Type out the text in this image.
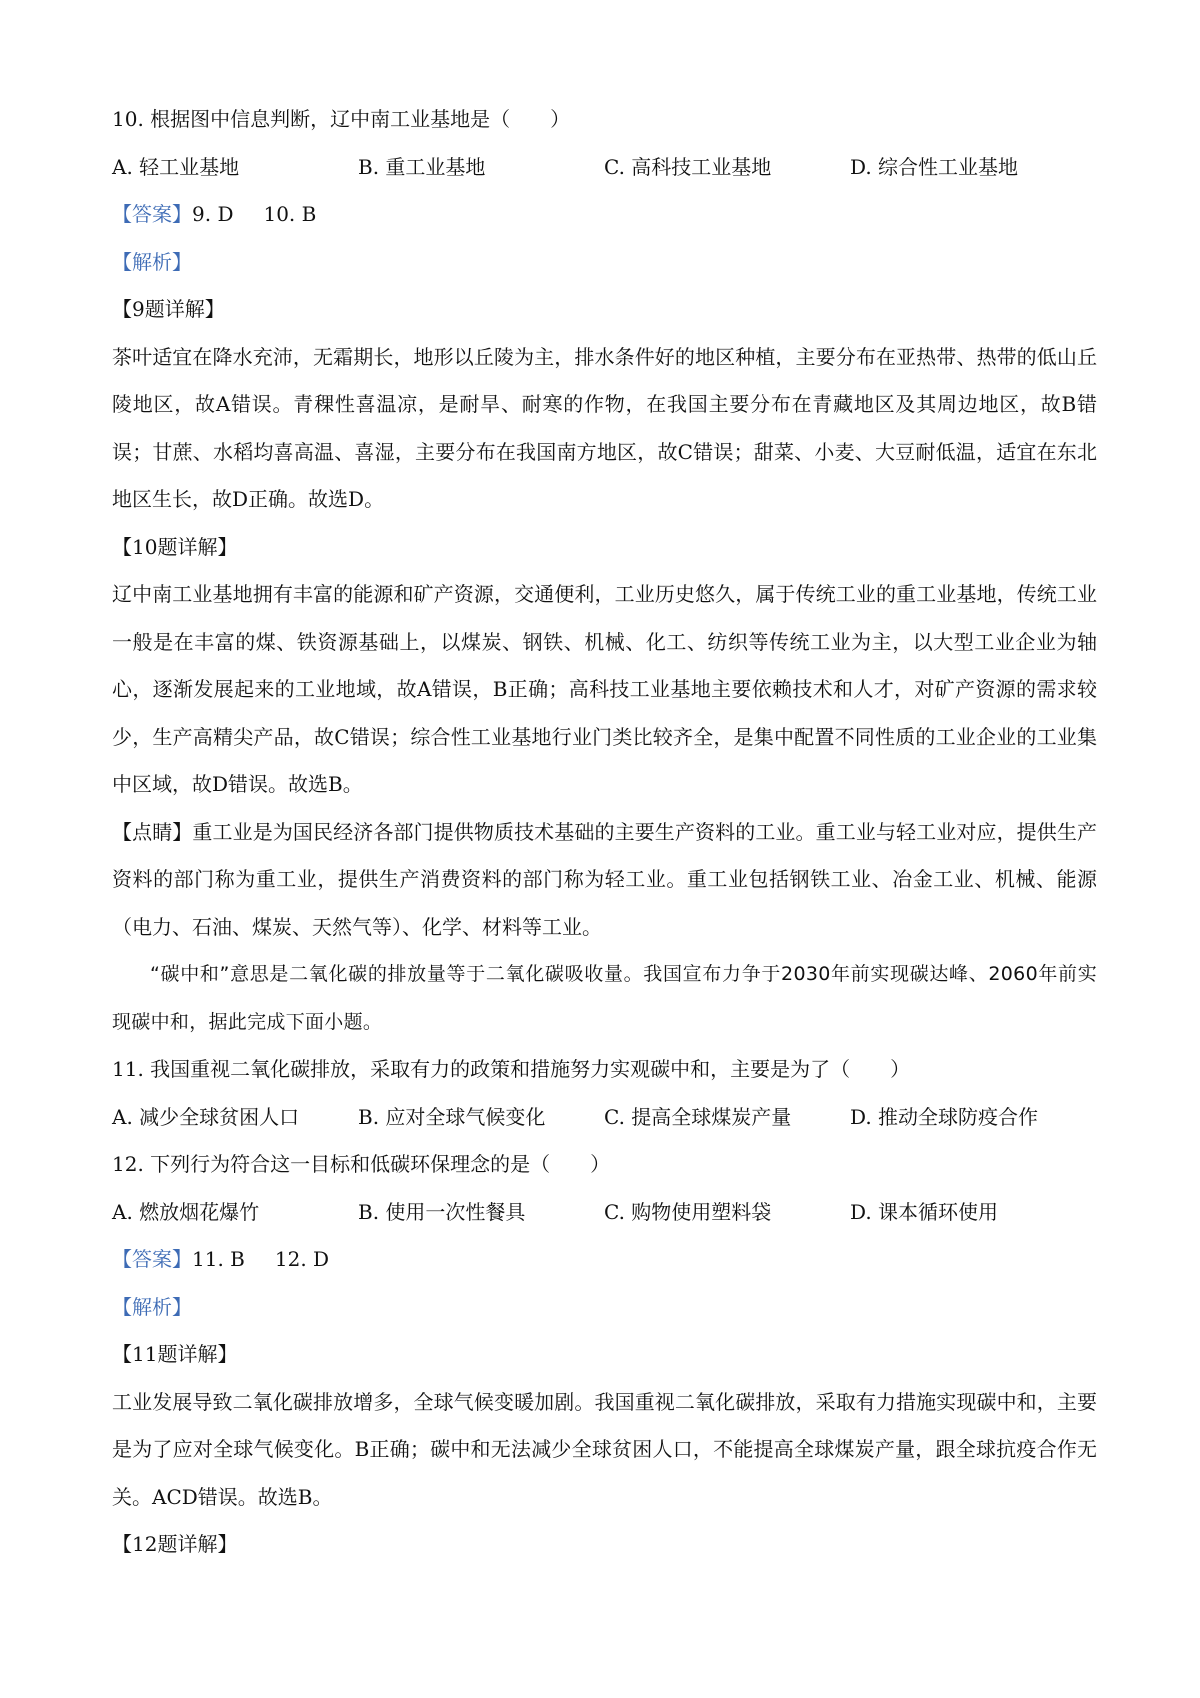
10. 根据图中信息判断，辽中南工业基地是（　　）
A. 轻工业基地	B. 重工业基地	C. 高科技工业基地	D. 综合性工业基地
【答案】9. D 10. B
【解析】
【9题详解】
茶叶适宜在降水充沛，无霜期长，地形以丘陵为主，排水条件好的地区种植，主要分布在亚热带、热带的低山丘陵地区，故A错误。青稞性喜温凉，是耐旱、耐寒的作物，在我国主要分布在青藏地区及其周边地区，故B错误；甘蔗、水稻均喜高温、喜湿，主要分布在我国南方地区，故C错误；甜菜、小麦、大豆耐低温，适宜在东北地区生长，故D正确。故选D。
【10题详解】
辽中南工业基地拥有丰富的能源和矿产资源，交通便利，工业历史悠久，属于传统工业的重工业基地，传统工业一般是在丰富的煤、铁资源基础上，以煤炭、钢铁、机械、化工、纺织等传统工业为主，以大型工业企业为轴心，逐渐发展起来的工业地域，故A错误，B正确；高科技工业基地主要依赖技术和人才，对矿产资源的需求较少，生产高精尖产品，故C错误；综合性工业基地行业门类比较齐全，是集中配置不同性质的工业企业的工业集中区域，故D错误。故选B。
【点睛】重工业是为国民经济各部门提供物质技术基础的主要生产资料的工业。重工业与轻工业对应，提供生产资料的部门称为重工业，提供生产消费资料的部门称为轻工业。重工业包括钢铁工业、冶金工业、机械、能源（电力、石油、煤炭、天然气等）、化学、材料等工业。
“碳中和”意思是二氧化碳的排放量等于二氧化碳吸收量。我国宣布力争于2030年前实现碳达峰、2060年前实现碳中和，据此完成下面小题。
11. 我国重视二氧化碳排放，采取有力的政策和措施努力实观碳中和，主要是为了（　　）
A. 减少全球贫困人口	B. 应对全球气候变化	C. 提高全球煤炭产量	D. 推动全球防疫合作
12. 下列行为符合这一目标和低碳环保理念的是（　　）
A. 燃放烟花爆竹	B. 使用一次性餐具	C. 购物使用塑料袋	D. 课本循环使用
【答案】11. B 12. D
【解析】
【11题详解】
工业发展导致二氧化碳排放增多，全球气候变暖加剧。我国重视二氧化碳排放，采取有力措施实现碳中和，主要是为了应对全球气候变化。B正确；碳中和无法减少全球贫困人口，不能提高全球煤炭产量，跟全球抗疫合作无关。ACD错误。故选B。
【12题详解】
